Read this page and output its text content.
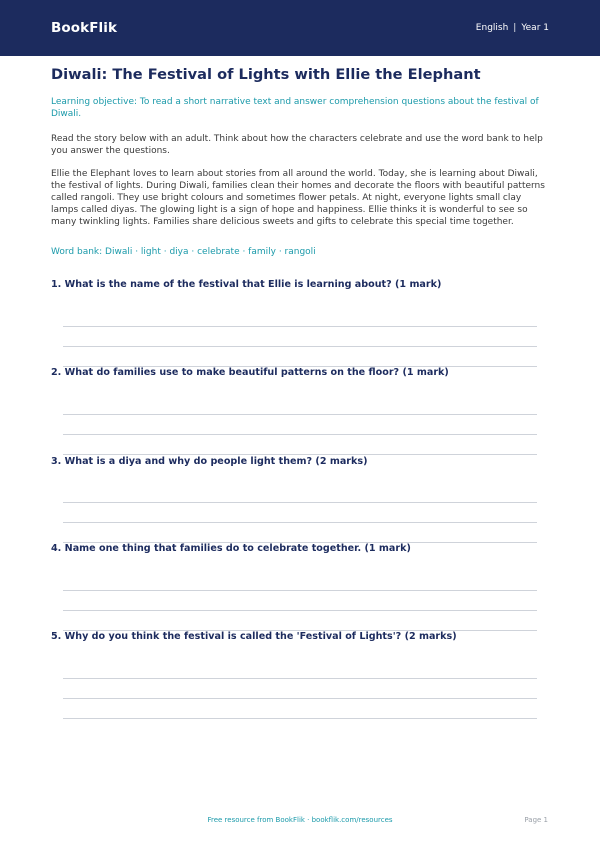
BookFlik	English | Year 1
Diwali: The Festival of Lights with Ellie the Elephant

Learning objective: To read a short narrative text and answer comprehension questions about the festival of Diwali.

Read the story below with an adult. Think about how the characters celebrate and use the word bank to help you answer the questions.

Ellie the Elephant loves to learn about stories from all around the world. Today, she is learning about Diwali, the festival of lights. During Diwali, families clean their homes and decorate the floors with beautiful patterns called rangoli. They use bright colours and sometimes flower petals. At night, everyone lights small clay lamps called diyas. The glowing light is a sign of hope and happiness. Ellie thinks it is wonderful to see so many twinkling lights. Families share delicious sweets and gifts to celebrate this special time together.

Word bank: Diwali · light · diya · celebrate · family · rangoli

1. What is the name of the festival that Ellie is learning about? (1 mark)
2. What do families use to make beautiful patterns on the floor? (1 mark)
3. What is a diya and why do people light them? (2 marks)
4. Name one thing that families do to celebrate together. (1 mark)
5. Why do you think the festival is called the 'Festival of Lights'? (2 marks)
Free resource from BookFlik · bookflik.com/resources	Page 1
